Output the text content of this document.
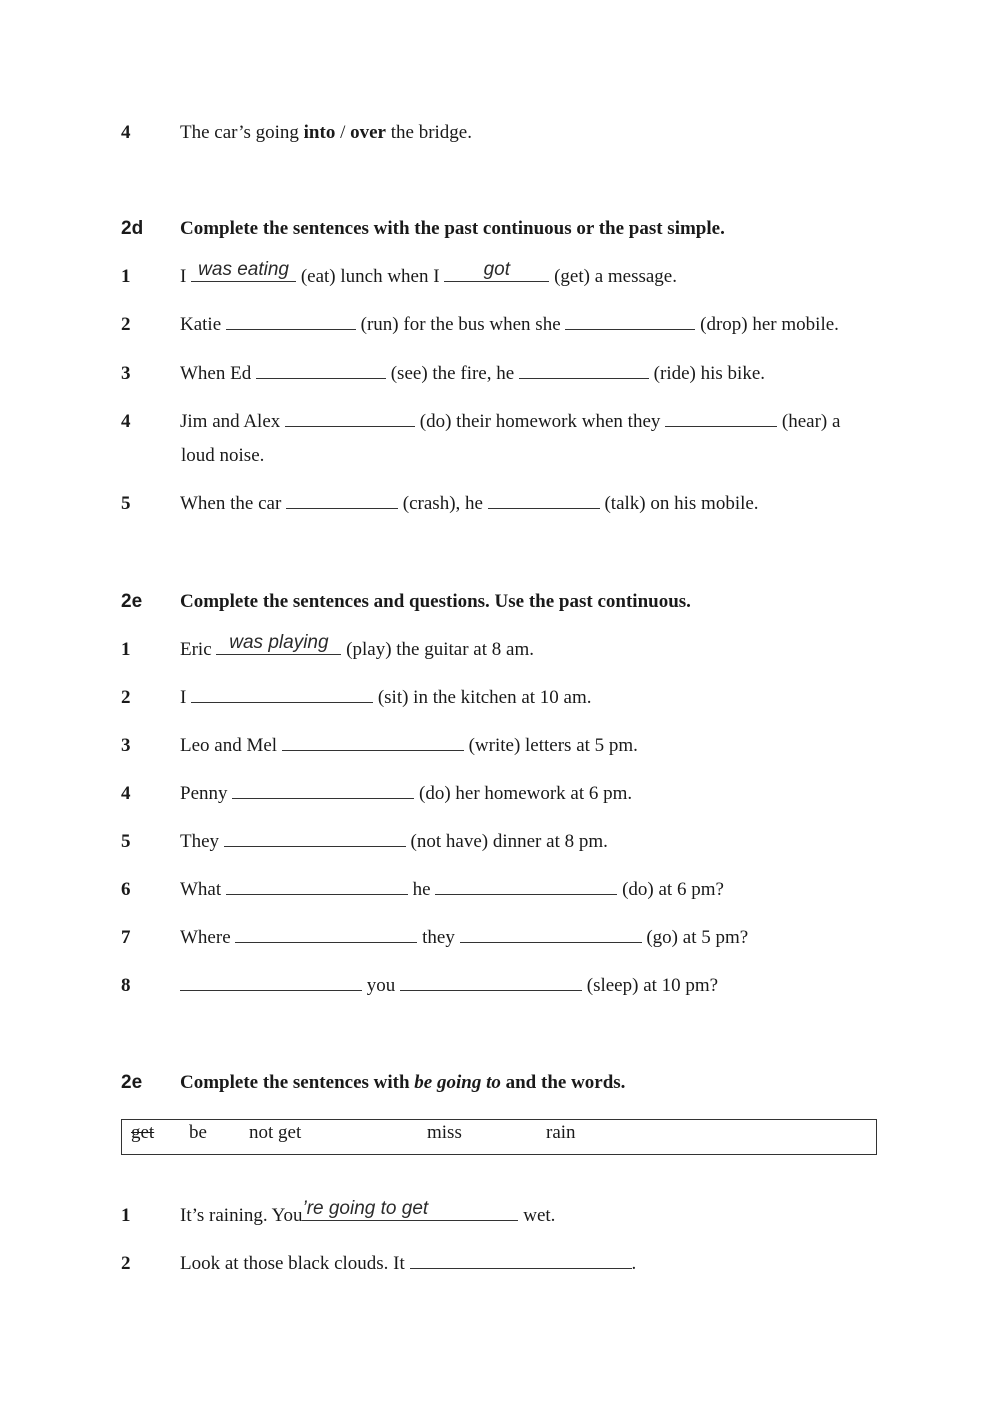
4	The car’s going into / over the bridge.
2d Complete the sentences with the past continuous or the past simple.
1	I was eating (eat) lunch when I	got	(get) a message.
2	Katie	(run) for the bus when she	(drop) her mobile.
3	When Ed	(see) the fire, he	(ride) his bike.
4	Jim and Alex	(do) their homework when they	(hear) a
loud noise.
5	When the car	(crash), he	(talk) on his mobile.
2e Complete the sentences and questions. Use the past continuous.
1	Eric was playing (play) the guitar at 8 am.
2	I	(sit) in the kitchen at 10 am.
3	Leo and Mel	(write) letters at 5 pm.
4	Penny	(do) her homework at 6 pm.
5	They	(not have) dinner at 8 pm.
6	What	he	(do) at 6 pm?
7	Where	they	(go) at 5 pm?
8	you	(sleep) at 10 pm?
2e Complete the sentences with be going to and the words.
get be not get	miss	rain
1	It’s raining. You ’re going to get	wet.
2	Look at those black clouds. It	.
